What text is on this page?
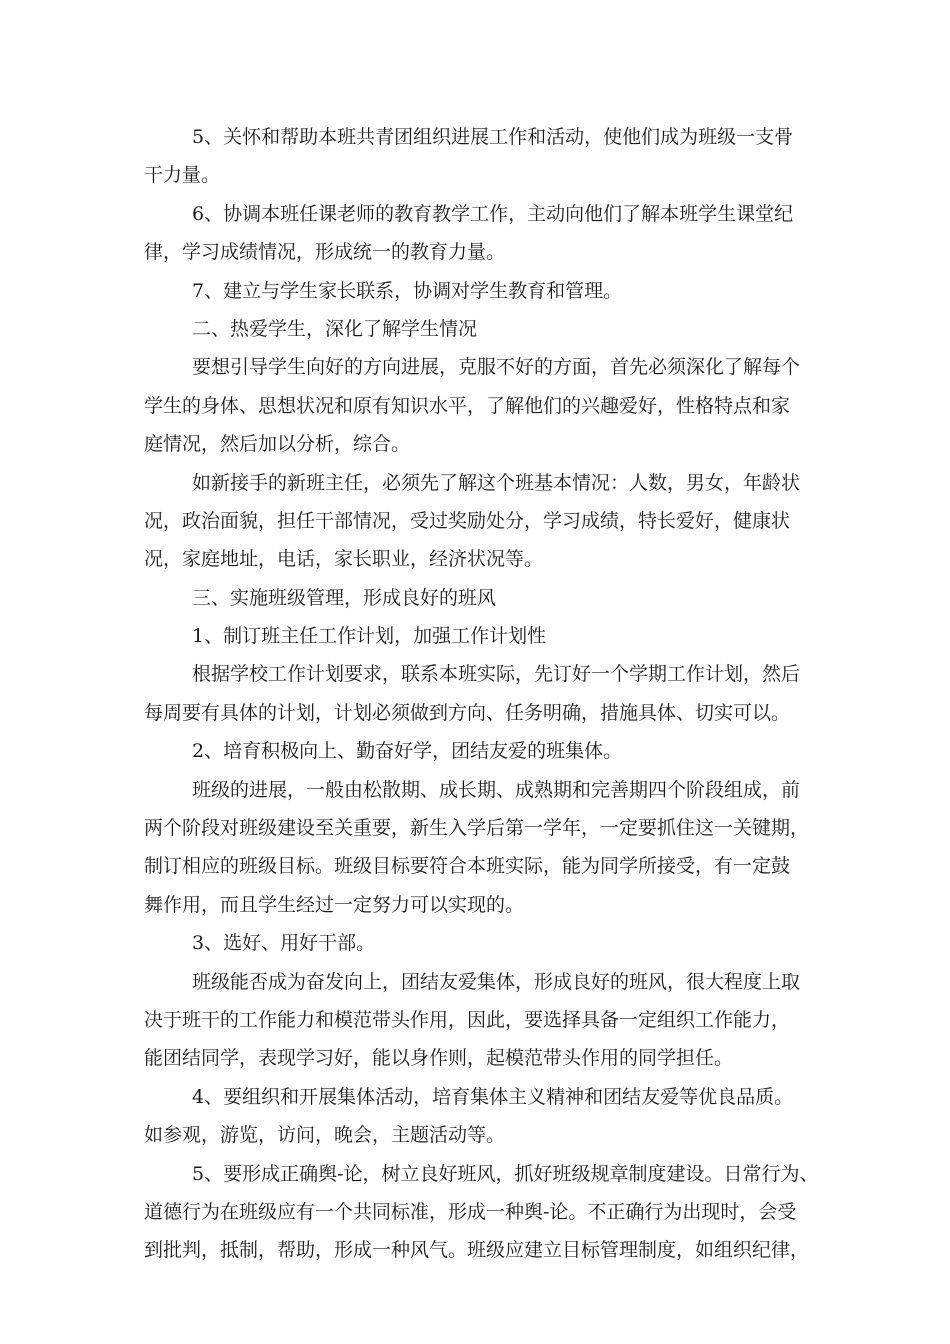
5、关怀和帮助本班共青团组织进展工作和活动，使他们成为班级一支骨
干力量。
6、协调本班任课老师的教育教学工作，主动向他们了解本班学生课堂纪
律，学习成绩情况，形成统一的教育力量。
7、建立与学生家长联系，协调对学生教育和管理。
二、热爱学生，深化了解学生情况
要想引导学生向好的方向进展，克服不好的方面，首先必须深化了解每个
学生的身体、思想状况和原有知识水平，了解他们的兴趣爱好，性格特点和家
庭情况，然后加以分析，综合。
如新接手的新班主任，必须先了解这个班基本情况：人数，男女，年龄状
况，政治面貌，担任干部情况，受过奖励处分，学习成绩，特长爱好，健康状
况，家庭地址，电话，家长职业，经济状况等。
三、实施班级管理，形成良好的班风
1、制订班主任工作计划，加强工作计划性
根据学校工作计划要求，联系本班实际，先订好一个学期工作计划，然后
每周要有具体的计划，计划必须做到方向、任务明确，措施具体、切实可以。
2、培育积极向上、勤奋好学，团结友爱的班集体。
班级的进展，一般由松散期、成长期、成熟期和完善期四个阶段组成，前
两个阶段对班级建设至关重要，新生入学后第一学年，一定要抓住这一关键期，
制订相应的班级目标。班级目标要符合本班实际，能为同学所接受，有一定鼓
舞作用，而且学生经过一定努力可以实现的。
3、选好、用好干部。
班级能否成为奋发向上，团结友爱集体，形成良好的班风，很大程度上取
决于班干的工作能力和模范带头作用，因此，要选择具备一定组织工作能力，
能团结同学，表现学习好，能以身作则，起模范带头作用的同学担任。
4、要组织和开展集体活动，培育集体主义精神和团结友爱等优良品质。
如参观，游览，访问，晚会，主题活动等。
5、要形成正确舆-论，树立良好班风，抓好班级规章制度建设。日常行为、
道德行为在班级应有一个共同标准，形成一种舆-论。不正确行为出现时，会受
到批判，抵制，帮助，形成一种风气。班级应建立目标管理制度，如组织纪律，
